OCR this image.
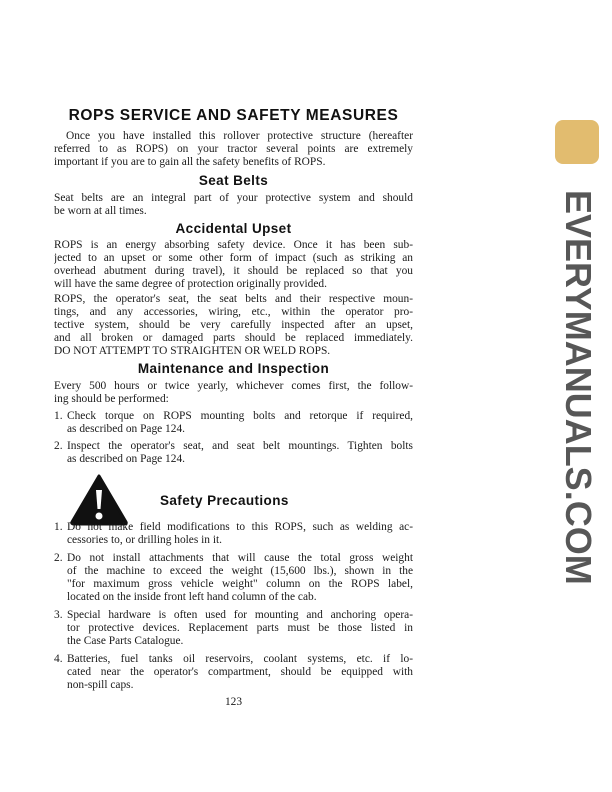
ROPS SERVICE AND SAFETY MEASURES
Once you have installed this rollover protective structure (hereafter
referred to as ROPS) on your tractor several points are extremely
important if you are to gain all the safety benefits of ROPS.
Seat Belts
Seat belts are an integral part of your protective system and should
be worn at all times.
Accidental Upset
ROPS is an energy absorbing safety device. Once it has been sub-
jected to an upset or some other form of impact (such as striking an
overhead abutment during travel), it should be replaced so that you
will have the same degree of protection originally provided.
ROPS, the operator's seat, the seat belts and their respective moun-
tings, and any accessories, wiring, etc., within the operator pro-
tective system, should be very carefully inspected after an upset,
and all broken or damaged parts should be replaced immediately.
DO NOT ATTEMPT TO STRAIGHTEN OR WELD ROPS.
Maintenance and Inspection
Every 500 hours or twice yearly, whichever comes first, the follow-
ing should be performed:
1. Check torque on ROPS mounting bolts and retorque if required,
as described on Page 124.
2. Inspect the operator's seat, and seat belt mountings. Tighten bolts
as described on Page 124.
Safety Precautions
1. Do not make field modifications to this ROPS, such as welding ac-
cessories to, or drilling holes in it.
2. Do not install attachments that will cause the total gross weight
of the machine to exceed the weight (15,600 lbs.), shown in the
"for maximum gross vehicle weight" column on the ROPS label,
located on the inside front left hand column of the cab.
3. Special hardware is often used for mounting and anchoring opera-
tor protective devices. Replacement parts must be those listed in
the Case Parts Catalogue.
4. Batteries, fuel tanks oil reservoirs, coolant systems, etc. if lo-
cated near the operator's compartment, should be equipped with
non-spill caps.
123
EVERYMANUALS.COM
